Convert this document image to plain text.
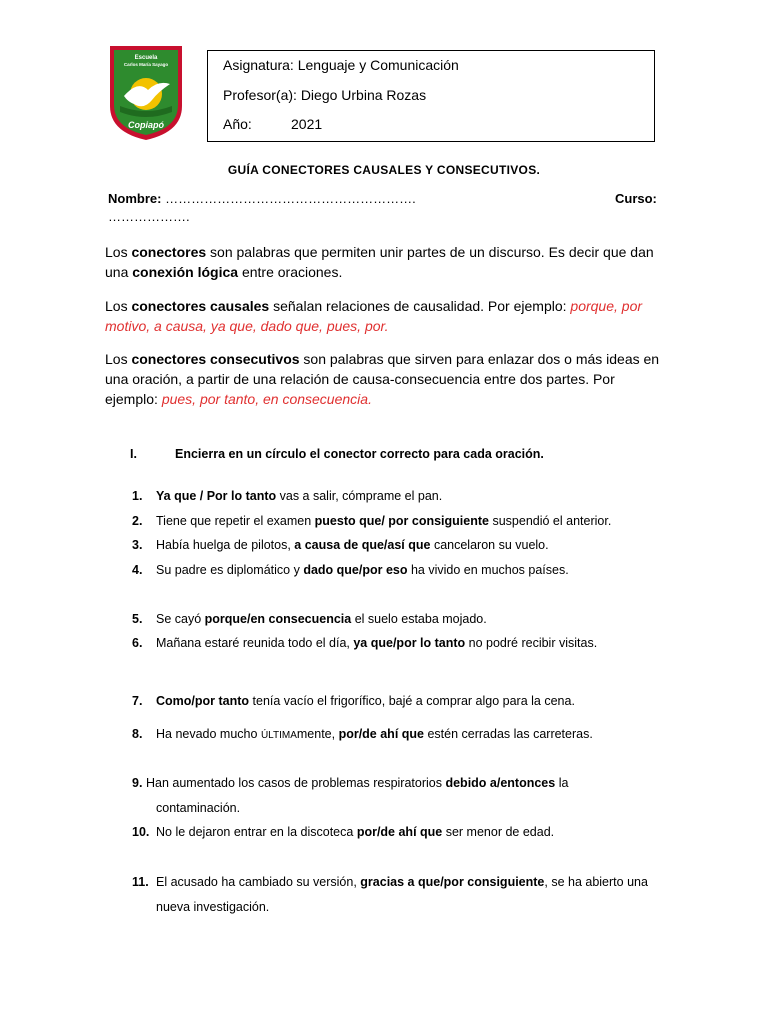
Escuela
Carlos María Sayago
Copiapó
Asignatura: Lenguaje y Comunicación
Profesor(a): Diego Urbina Rozas
Año:	2021
GUÍA CONECTORES CAUSALES Y CONSECUTIVOS.
Nombre: ………………………………………………….	Curso:
……………….
Los conectores son palabras que permiten unir partes de un discurso. Es decir que dan una conexión lógica entre oraciones.
Los conectores causales señalan relaciones de causalidad. Por ejemplo: porque, por motivo, a causa, ya que, dado que, pues, por.
Los conectores consecutivos son palabras que sirven para enlazar dos o más ideas en una oración, a partir de una relación de causa-consecuencia entre dos partes. Por ejemplo: pues, por tanto, en consecuencia.
I.	Encierra en un círculo el conector correcto para cada oración.
1. Ya que / Por lo tanto vas a salir, cómprame el pan.
2. Tiene que repetir el examen puesto que/ por consiguiente suspendió el anterior.
3. Había huelga de pilotos, a causa de que/así que cancelaron su vuelo.
4. Su padre es diplomático y dado que/por eso ha vivido en muchos países.
5. Se cayó porque/en consecuencia el suelo estaba mojado.
6. Mañana estaré reunida todo el día, ya que/por lo tanto no podré recibir visitas.
7. Como/por tanto tenía vacío el frigorífico, bajé a comprar algo para la cena.
8. Ha nevado mucho ÚLTIMAmente, por/de ahí que estén cerradas las carreteras.
9. Han aumentado los casos de problemas respiratorios debido a/entonces la contaminación.
10. No le dejaron entrar en la discoteca por/de ahí que ser menor de edad.
11. El acusado ha cambiado su versión, gracias a que/por consiguiente, se ha abierto una nueva investigación.
